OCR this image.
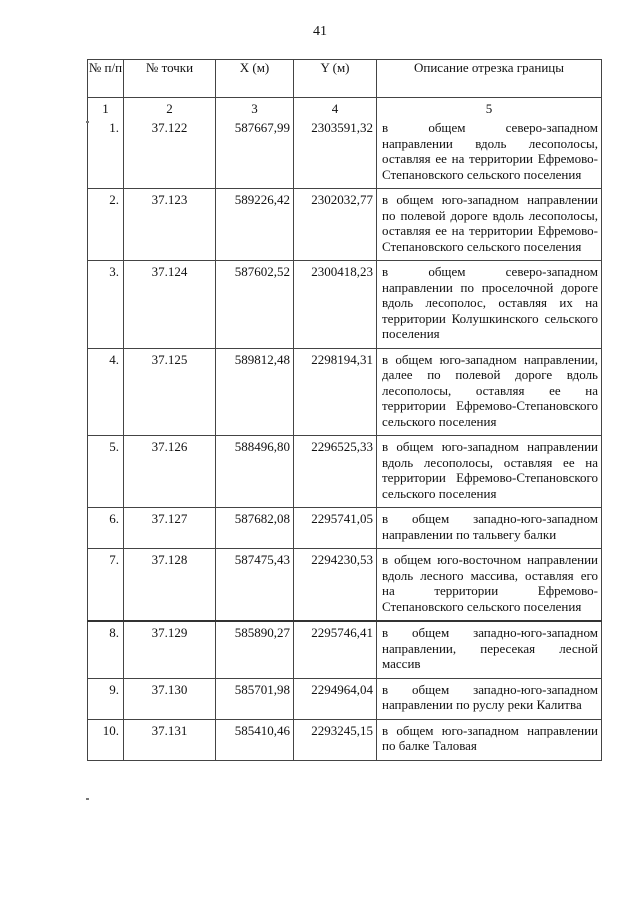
41
№ п/п	№ точки	X (м)	Y (м)	Описание отрезка границы
1	2	3	4	5
1.	37.122	587667,99	2303591,32	в общем северо-западном направлении вдоль лесополосы, оставляя ее на территории Ефремово-Степановского сельского поселения
2.	37.123	589226,42	2302032,77	в общем юго-западном направлении по полевой дороге вдоль лесополосы, оставляя ее на территории Ефремово-Степановского сельского поселения
3.	37.124	587602,52	2300418,23	в общем северо-западном направлении по проселочной дороге вдоль лесополос, оставляя их на территории Колушкинского сельского поселения
4.	37.125	589812,48	2298194,31	в общем юго-западном направлении, далее по полевой дороге вдоль лесополосы, оставляя ее на территории Ефремово-Степановского сельского поселения
5.	37.126	588496,80	2296525,33	в общем юго-западном направлении вдоль лесополосы, оставляя ее на территории Ефремово-Степановского сельского поселения
6.	37.127	587682,08	2295741,05	в общем западно-юго-западном направлении по тальвегу балки
7.	37.128	587475,43	2294230,53	в общем юго-восточном направлении вдоль лесного массива, оставляя его на территории Ефремово-Степановского сельского поселения
8.	37.129	585890,27	2295746,41	в общем западно-юго-западном направлении, пересекая лесной массив
9.	37.130	585701,98	2294964,04	в общем западно-юго-западном направлении по руслу реки Калитва
10.	37.131	585410,46	2293245,15	в общем юго-западном направлении по балке Таловая
